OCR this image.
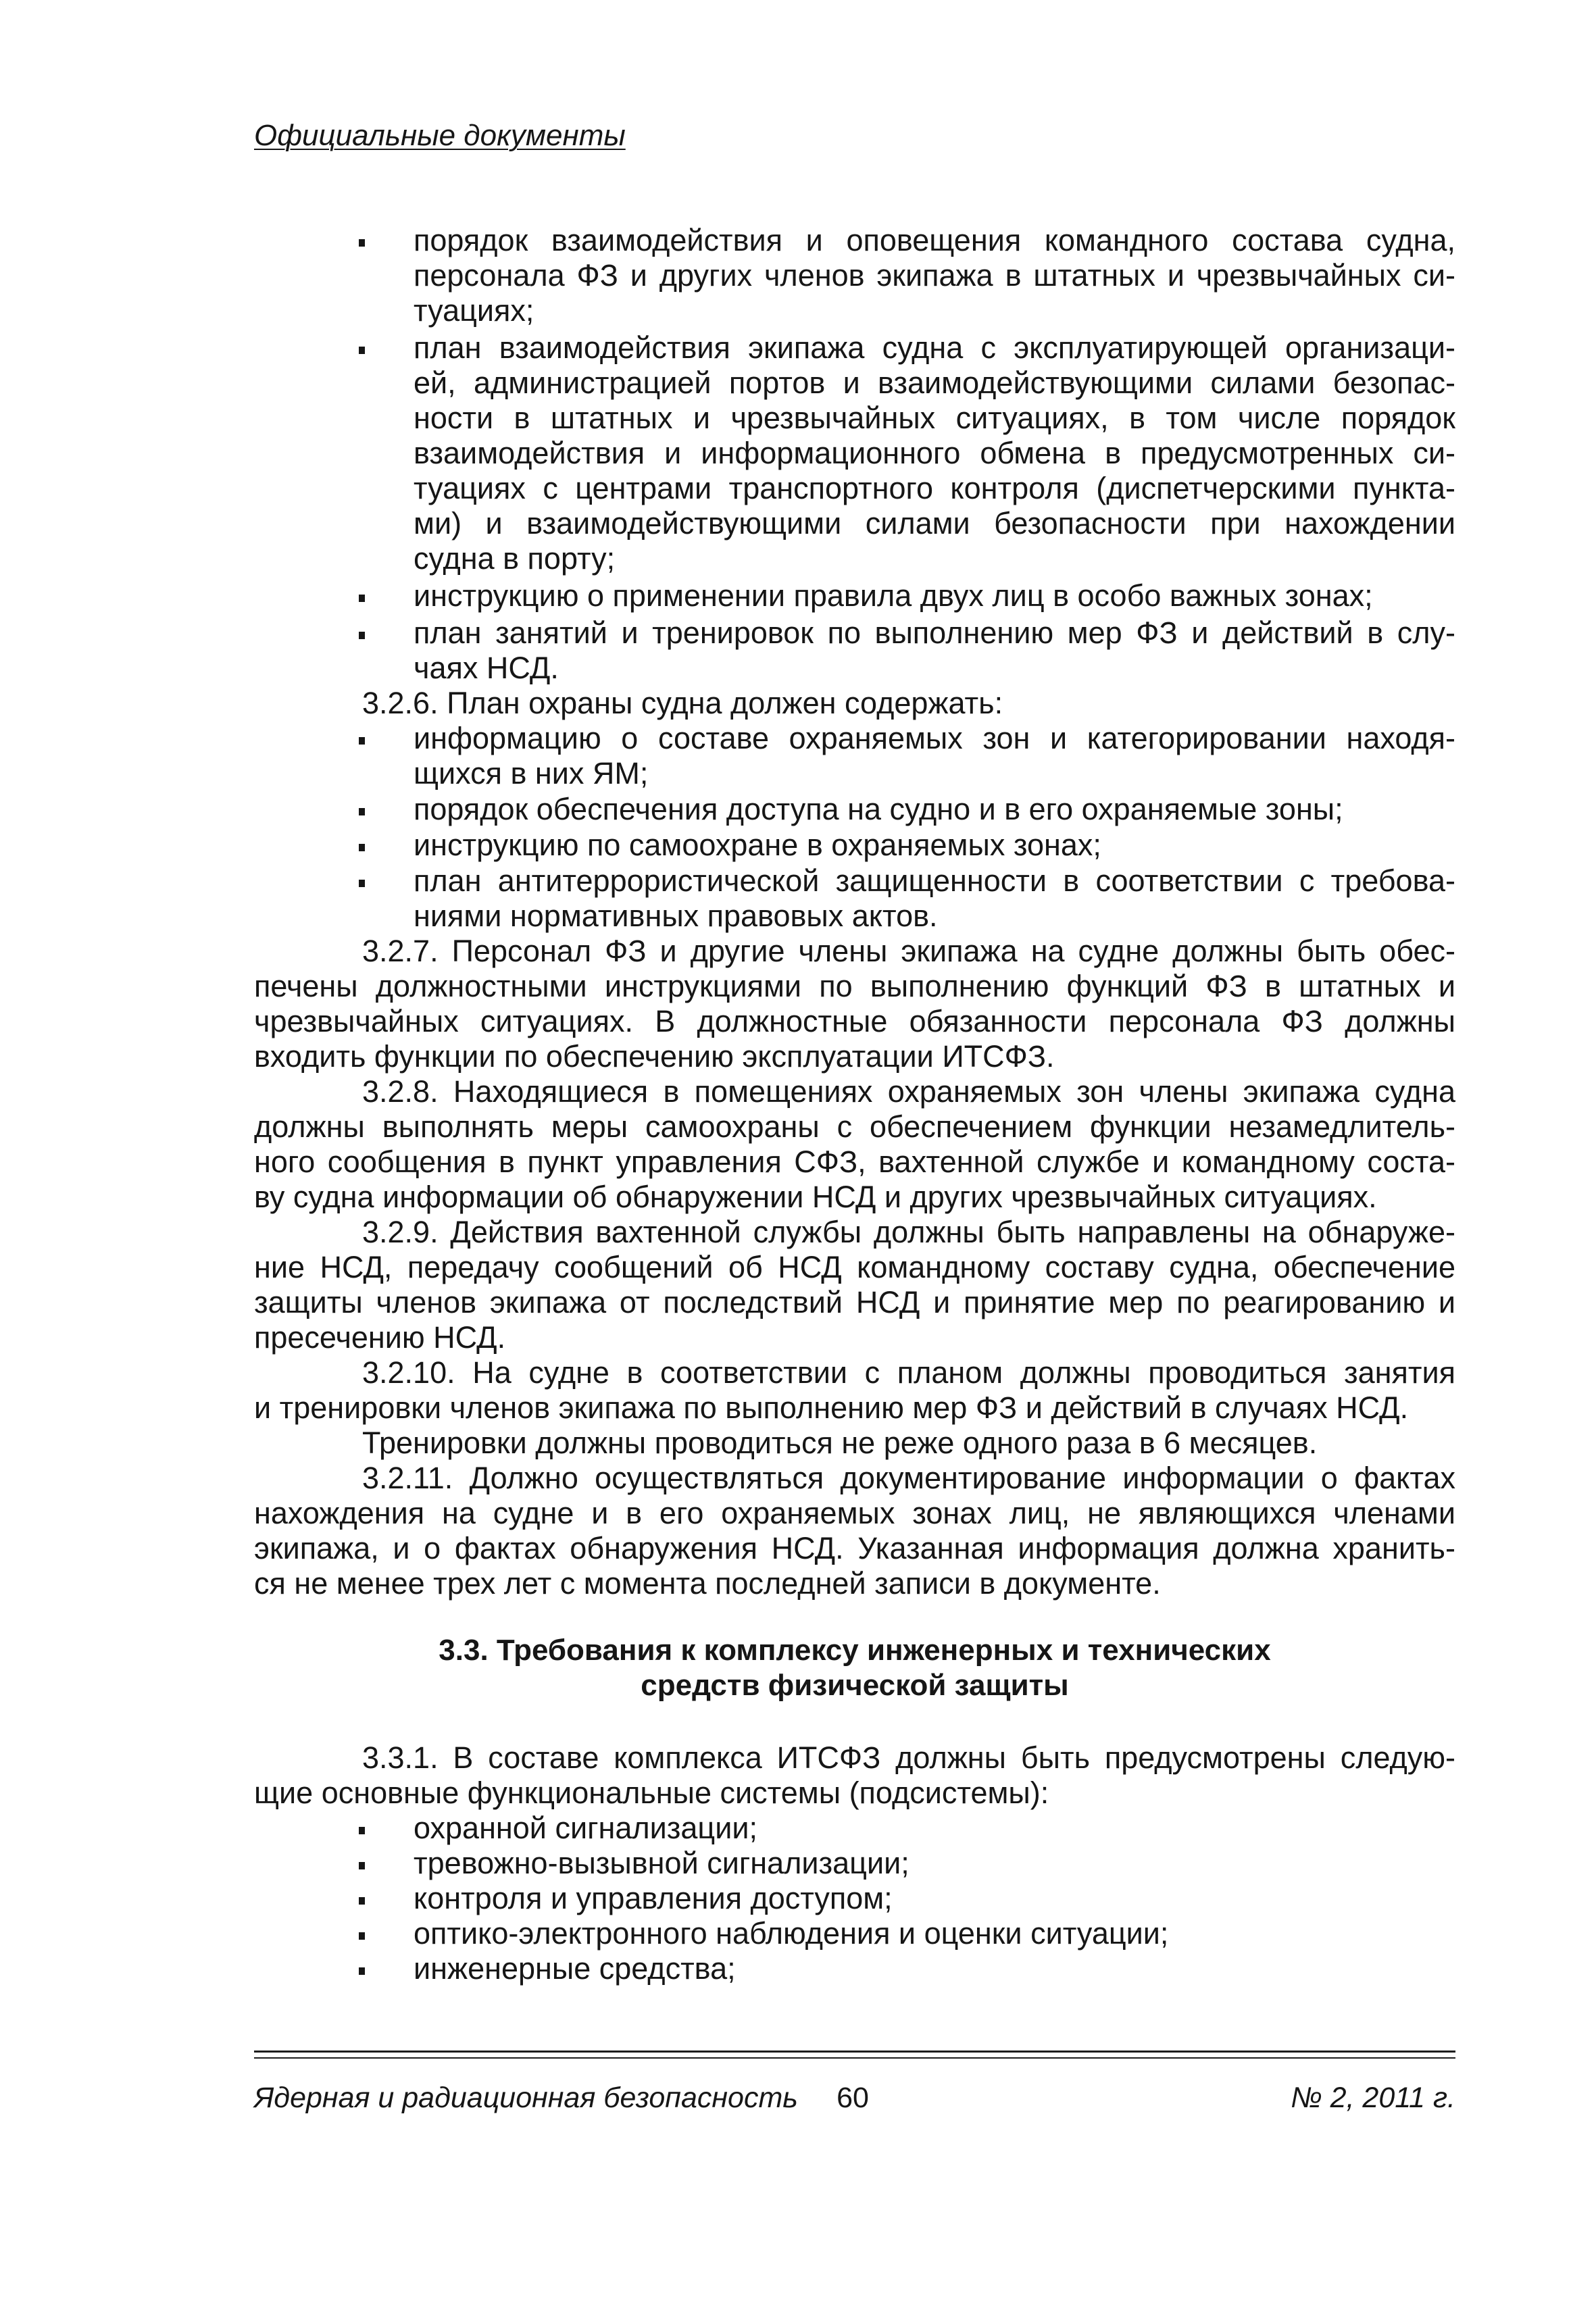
Официальные документы
порядок взаимодействия и оповещения командного состава судна,
персонала ФЗ и других членов экипажа в штатных и чрезвычайных си-
туациях;
план взаимодействия экипажа судна с эксплуатирующей организаци-
ей, администрацией портов и взаимодействующими силами безопас-
ности в штатных и чрезвычайных ситуациях, в том числе порядок
взаимодействия и информационного обмена в предусмотренных си-
туациях с центрами транспортного контроля (диспетчерскими пункта-
ми) и взаимодействующими силами безопасности при нахождении
судна в порту;
инструкцию о применении правила двух лиц в особо важных зонах;
план занятий и тренировок по выполнению мер ФЗ и действий в слу-
чаях НСД.
3.2.6. План охраны судна должен содержать:
информацию о составе охраняемых зон и категорировании находя-
щихся в них ЯМ;
порядок обеспечения доступа на судно и в его охраняемые зоны;
инструкцию по самоохране в охраняемых зонах;
план антитеррористической защищенности в соответствии с требова-
ниями нормативных правовых актов.
3.2.7. Персонал ФЗ и другие члены экипажа на судне должны быть обес-
печены должностными инструкциями по выполнению функций ФЗ в штатных и
чрезвычайных ситуациях. В должностные обязанности персонала ФЗ должны
входить функции по обеспечению эксплуатации ИТСФЗ.
3.2.8. Находящиеся в помещениях охраняемых зон члены экипажа судна
должны выполнять меры самоохраны с обеспечением функции незамедлитель-
ного сообщения в пункт управления СФЗ, вахтенной службе и командному соста-
ву судна информации об обнаружении НСД и других чрезвычайных ситуациях.
3.2.9. Действия вахтенной службы должны быть направлены на обнаруже-
ние НСД, передачу сообщений об НСД командному составу судна, обеспечение
защиты членов экипажа от последствий НСД и принятие мер по реагированию и
пресечению НСД.
3.2.10. На судне в соответствии с планом должны проводиться занятия
и тренировки членов экипажа по выполнению мер ФЗ и действий в случаях НСД.
Тренировки должны проводиться не реже одного раза в 6 месяцев.
3.2.11. Должно осуществляться документирование информации о фактах
нахождения на судне и в его охраняемых зонах лиц, не являющихся членами
экипажа, и о фактах обнаружения НСД. Указанная информация должна хранить-
ся не менее трех лет с момента последней записи в документе.
3.3. Требования к комплексу инженерных и технических
средств физической защиты
3.3.1. В составе комплекса ИТСФЗ должны быть предусмотрены следую-
щие основные функциональные системы (подсистемы):
охранной сигнализации;
тревожно-вызывной сигнализации;
контроля и управления доступом;
оптико-электронного наблюдения и оценки ситуации;
инженерные средства;
Ядерная и радиационная безопасность 60	№ 2, 2011 г.
